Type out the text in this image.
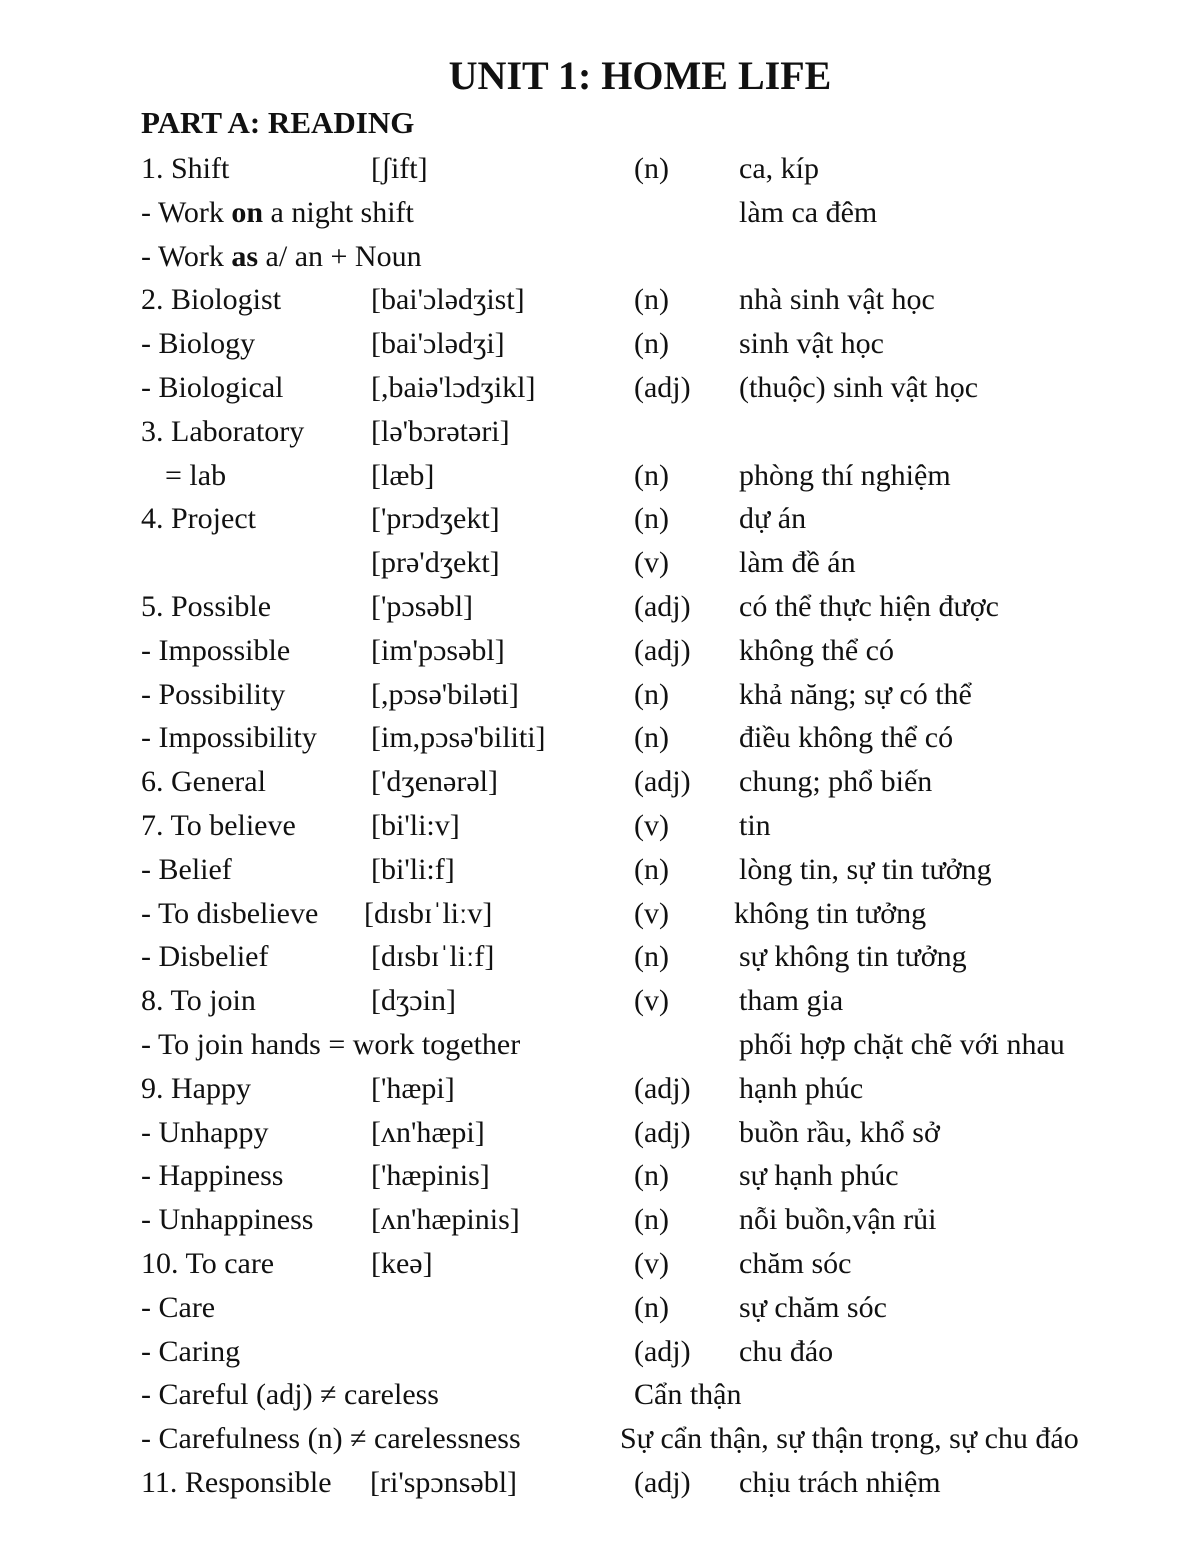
UNIT 1: HOME LIFE
PART A: READING
1. Shift	[ʃift]	(n) ca, kíp
- Work on a night shift	làm ca đêm
- Work as a/ an + Noun
2. Biologist	[bai'ɔlədʒist]	(n) nhà sinh vật học
- Biology	[bai'ɔlədʒi]	(n) sinh vật học
- Biological	[,baiə'lɔdʒikl]	(adj) (thuộc) sinh vật học
3. Laboratory [lə'bɔrətəri]
= lab	[læb]	(n) phòng thí nghiệm
4. Project	['prɔdʒekt]	(n) dự án
[prə'dʒekt]	(v) làm đề án
5. Possible	['pɔsəbl]	(adj) có thể thực hiện được
- Impossible	[im'pɔsəbl]	(adj) không thể có
- Possibility	[,pɔsə'biləti]	(n) khả năng; sự có thể
- Impossibility [im,pɔsə'biliti]	(n) điều không thể có
6. General	['dʒenərəl]	(adj) chung; phổ biến
7. To believe	[bi'li:v]	(v) tin
- Belief	[bi'li:f]	(n) lòng tin, sự tin tưởng
- To disbelieve [dɪsbɪˈliːv]	(v) không tin tưởng
- Disbelief	[dɪsbɪˈliːf]	(n) sự không tin tưởng
8. To join	[dʒɔin]	(v) tham gia
- To join hands = work together	phối hợp chặt chẽ với nhau
9. Happy	['hæpi]	(adj) hạnh phúc
- Unhappy	[ʌn'hæpi]	(adj) buồn rầu, khổ sở
- Happiness	['hæpinis]	(n) sự hạnh phúc
- Unhappiness [ʌn'hæpinis]	(n) nỗi buồn,vận rủi
10. To care	[keə]	(v) chăm sóc
- Care	(n) sự chăm sóc
- Caring	(adj) chu đáo
- Careful (adj) ≠ careless	Cẩn thận
- Carefulness (n) ≠ carelessness	Sự cẩn thận, sự thận trọng, sự chu đáo
11. Responsible [ri'spɔnsəbl]	(adj) chịu trách nhiệm
